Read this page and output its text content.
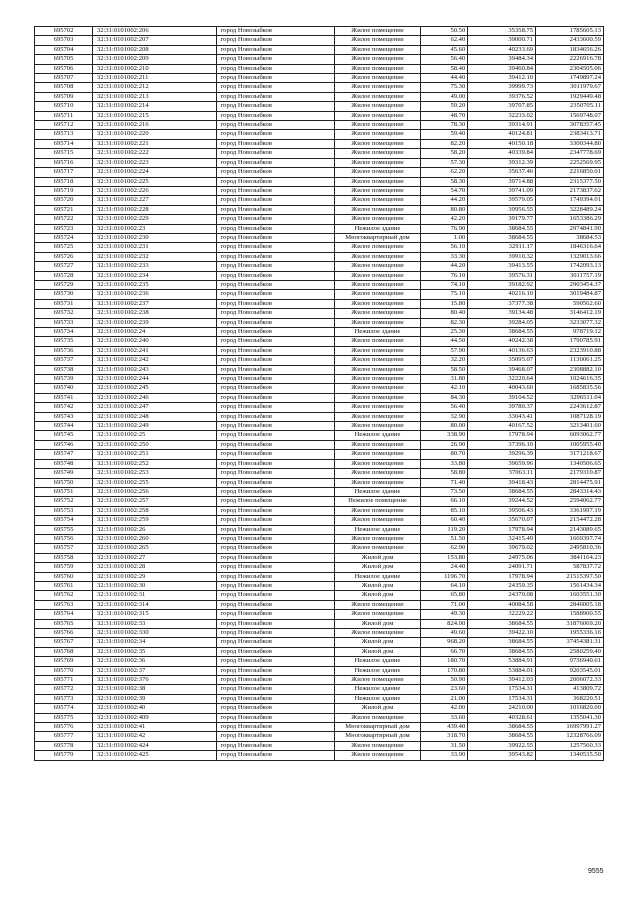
695702	32:31:0101002:206	город Новозыбков	Жилое помещение	50.50	35358.75	1785605.13
695703	32:31:0101002:207	город Новозыбков	Жилое помещение	62.40	39000.71	2433600.59
695704	32:31:0101002:208	город Новозыбков	Жилое помещение	45.60	40233.69	1834656.26
695705	32:31:0101002:209	город Новозыбков	Жилое помещение	56.40	39484.34	2226916.78
695706	32:31:0101002:210	город Новозыбков	Жилое помещение	58.40	39460.84	2304505.06
695707	32:31:0101002:211	город Новозыбков	Жилое помещение	44.40	39412.10	1749897.24
695708	32:31:0101002:212	город Новозыбков	Жилое помещение	75.30	39999.73	3011979.67
695709	32:31:0101002:213	город Новозыбков	Жилое помещение	49.00	39376.52	1929449.48
695710	32:31:0101002:214	город Новозыбков	Жилое помещение	59.20	39707.85	2350705.11
695711	32:31:0101002:215	город Новозыбков	Жилое помещение	48.70	32233.02	1569748.07
695712	32:31:0101002:216	город Новозыбков	Жилое помещение	78.30	39314.91	3078357.45
695713	32:31:0101002:220	город Новозыбков	Жилое помещение	59.40	40124.81	2383413.71
695714	32:31:0101002:221	город Новозыбков	Жилое помещение	82.20	40150.18	3300344.80
695715	32:31:0101002:222	город Новозыбков	Жилое помещение	58.20	40339.84	2347778.69
695716	32:31:0101002:223	город Новозыбков	Жилое помещение	57.30	39312.39	2252569.95
695717	32:31:0101002:224	город Новозыбков	Жилое помещение	62.20	35637.46	2216850.01
695718	32:31:0101002:225	город Новозыбков	Жилое помещение	58.30	39714.88	2315377.50
695719	32:31:0101002:226	город Новозыбков	Жилое помещение	54.70	39741.09	2173837.62
695720	32:31:0101002:227	город Новозыбков	Жилое помещение	44.20	39579.05	1749394.01
695721	32:31:0101002:228	город Новозыбков	Жилое помещение	80.80	39956.55	3228489.24
695722	32:31:0101002:229	город Новозыбков	Жилое помещение	42.20	39179.77	1653386.29
695723	32:31:0101002:23	город Новозыбков	Нежилое здание	76.90	38684.55	2974841.90
695724	32:31:0101002:230	город Новозыбков	Многоквартирный дом	1.00	38684.55	38684.53
695725	32:31:0101002:231	город Новозыбков	Жилое помещение	56.10	32911.17	1846316.64
695726	32:31:0101002:232	город Новозыбков	Жилое помещение	33.30	39910.32	1329013.66
695727	32:31:0101002:233	город Новозыбков	Жилое помещение	44.20	39413.55	1742093.13
695728	32:31:0101002:234	город Новозыбков	Жилое помещение	76.10	39576.31	3011757.19
695729	32:31:0101002:235	город Новозыбков	Жилое помещение	74.10	39182.92	2903454.37
695730	32:31:0101002:236	город Новозыбков	Жилое помещение	75.10	40216.10	3019484.87
695731	32:31:0101002:237	город Новозыбков	Жилое помещение	15.80	37377.38	590562.60
695732	32:31:0101002:238	город Новозыбков	Жилое помещение	80.40	39134.48	3146412.19
695733	32:31:0101002:239	город Новозыбков	Жилое помещение	82.30	39284.05	3233077.32
695734	32:31:0101002:24	город Новозыбков	Нежилое здание	25.30	38684.55	978719.12
695735	32:31:0101002:240	город Новозыбков	Жилое помещение	44.50	40242.38	1790785.91
695736	32:31:0101002:241	город Новозыбков	Жилое помещение	57.90	40136.63	2323910.88
695737	32:31:0101002:242	город Новозыбков	Жилое помещение	32.20	35095.07	1130061.25
695738	32:31:0101002:243	город Новозыбков	Жилое помещение	58.50	39468.07	2308882.10
695739	32:31:0101002:244	город Новозыбков	Жилое помещение	31.80	32220.64	1024616.35
695740	32:31:0101002:245	город Новозыбков	Жилое помещение	42.10	40043.60	1685835.56
695741	32:31:0101002:246	город Новозыбков	Жилое помещение	84.30	39104.52	3296511.04
695742	32:31:0101002:247	город Новозыбков	Жилое помещение	56.40	39780.37	2243612.87
695743	32:31:0101002:248	город Новозыбков	Жилое помещение	32.90	33043.41	1087128.19
695744	32:31:0101002:249	город Новозыбков	Жилое помещение	80.00	40167.52	3213401.60
695745	32:31:0101002:25	город Новозыбков	Нежилое здание	338.90	17978.94	6093062.77
695746	32:31:0101002:250	город Новозыбков	Жилое помещение	26.90	37396.10	1005955.40
695747	32:31:0101002:251	город Новозыбков	Жилое помещение	80.70	39296.39	3171218.67
695748	32:31:0101002:252	город Новозыбков	Жилое помещение	33.80	39659.96	1340506.65
695749	32:31:0101002:253	город Новозыбков	Жилое помещение	58.80	37063.11	2179310.87
695750	32:31:0101002:255	город Новозыбков	Жилое помещение	71.40	39418.43	2814475.91
695751	32:31:0101002:256	город Новозыбков	Нежилое здание	73.50	38684.55	2843314.43
695752	32:31:0101002:257	город Новозыбков	Нежилое помещение	66.10	39244.52	2594062.77
695753	32:31:0101002:258	город Новозыбков	Жилое помещение	85.10	39506.43	3361997.19
695754	32:31:0101002:259	город Новозыбков	Жилое помещение	60.40	35670.07	2154472.28
695755	32:31:0101002:26	город Новозыбков	Нежилое здание	119.20	17978.94	2143089.65
695756	32:31:0101002:260	город Новозыбков	Жилое помещение	51.50	32415.49	1669397.74
695757	32:31:0101002:265	город Новозыбков	Жилое помещение	62.90	39679.02	2495810.36
695758	32:31:0101002:27	город Новозыбков	Жилой дом	153.80	24975.06	3841164.23
695759	32:31:0101002:28	город Новозыбков	Жилой дом	24.40	24091.71	587837.72
695760	32:31:0101002:29	город Новозыбков	Нежилое здание	1196.70	17978.94	21515397.50
695761	32:31:0101002:30	город Новозыбков	Жилой дом	64.10	24359.35	1561434.34
695762	32:31:0101002:31	город Новозыбков	Жилой дом	65.80	24370.08	1603551.30
695763	32:31:0101002:314	город Новозыбков	Жилое помещение	71.00	40084.58	2846005.18
695764	32:31:0101002:315	город Новозыбков	Жилое помещение	49.30	32229.22	1588900.55
695765	32:31:0101002:33	город Новозыбков	Жилой дом	824.00	38684.55	31876069.20
695766	32:31:0101002:330	город Новозыбков	Жилое помещение	49.60	39422.10	1955336.16
695767	32:31:0101002:34	город Новозыбков	Жилой дом	968.20	38684.55	37454381.31
695768	32:31:0101002:35	город Новозыбков	Жилой дом	66.70	38684.55	2580259.49
695769	32:31:0101002:36	город Новозыбков	Нежилое здание	180.70	53884.91	9736940.61
695770	32:31:0101002:37	город Новозыбков	Нежилое здание	170.80	53884.01	9203545.01
695771	32:31:0101002:376	город Новозыбков	Жилое помещение	50.90	39412.03	2006072.33
695772	32:31:0101002:38	город Новозыбков	Нежилое здание	23.60	17534.31	413809.72
695773	32:31:0101002:39	город Новозыбков	Нежилое здание	21.00	17534.31	368220.51
695774	32:31:0101002:40	город Новозыбков	Жилой дом	42.00	24210.00	1016820.00
695775	32:31:0101002:409	город Новозыбков	Жилое помещение	33.60	40328.61	1355041.30
695776	32:31:0101002:41	город Новозыбков	Многоквартирный дом	439.40	38684.55	16997991.27
695777	32:31:0101002:42	город Новозыбков	Многоквартирный дом	318.70	38684.55	12328766.09
695778	32:31:0101002:424	город Новозыбков	Жилое помещение	31.50	39922.55	1257560.33
695779	32:31:0101002:425	город Новозыбков	Жилое помещение	33.90	39543.82	1340535.50
9555
